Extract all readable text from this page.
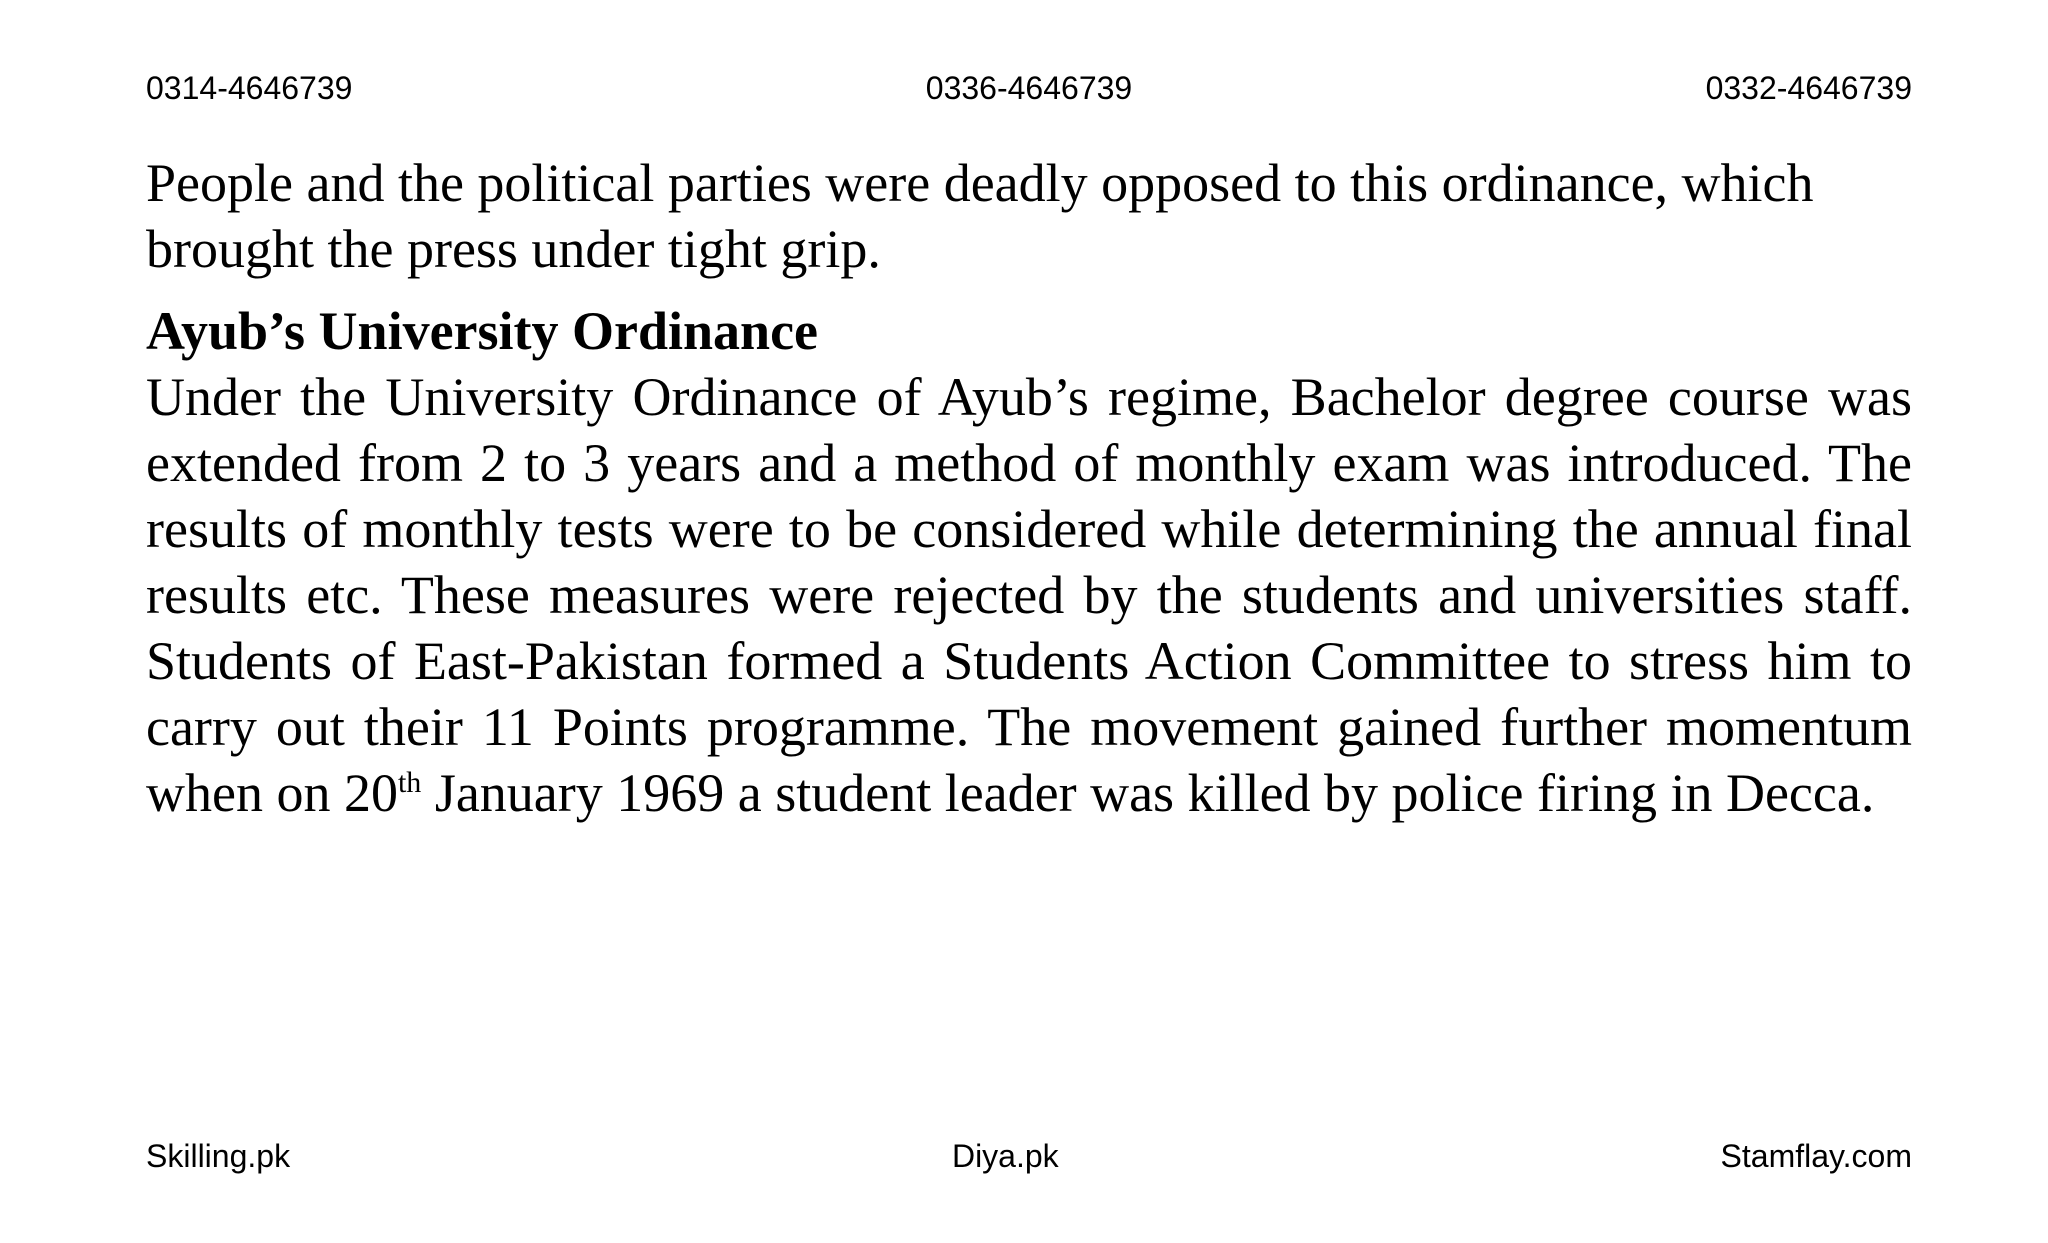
0314-4646739	0336-4646739	0332-4646739

People and the political parties were deadly opposed to this ordinance, which brought the press under tight grip.

Ayub’s University Ordinance

Under the University Ordinance of Ayub’s regime, Bachelor degree course was extended from 2 to 3 years and a method of monthly exam was introduced. The results of monthly tests were to be considered while determining the annual final results etc. These measures were rejected by the students and universities staff. Students of East-Pakistan formed a Students Action Committee to stress him to carry out their 11 Points programme. The movement gained further momentum when on 20th January 1969 a student leader was killed by police firing in Decca.

Skilling.pk	Diya.pk	Stamflay.com
